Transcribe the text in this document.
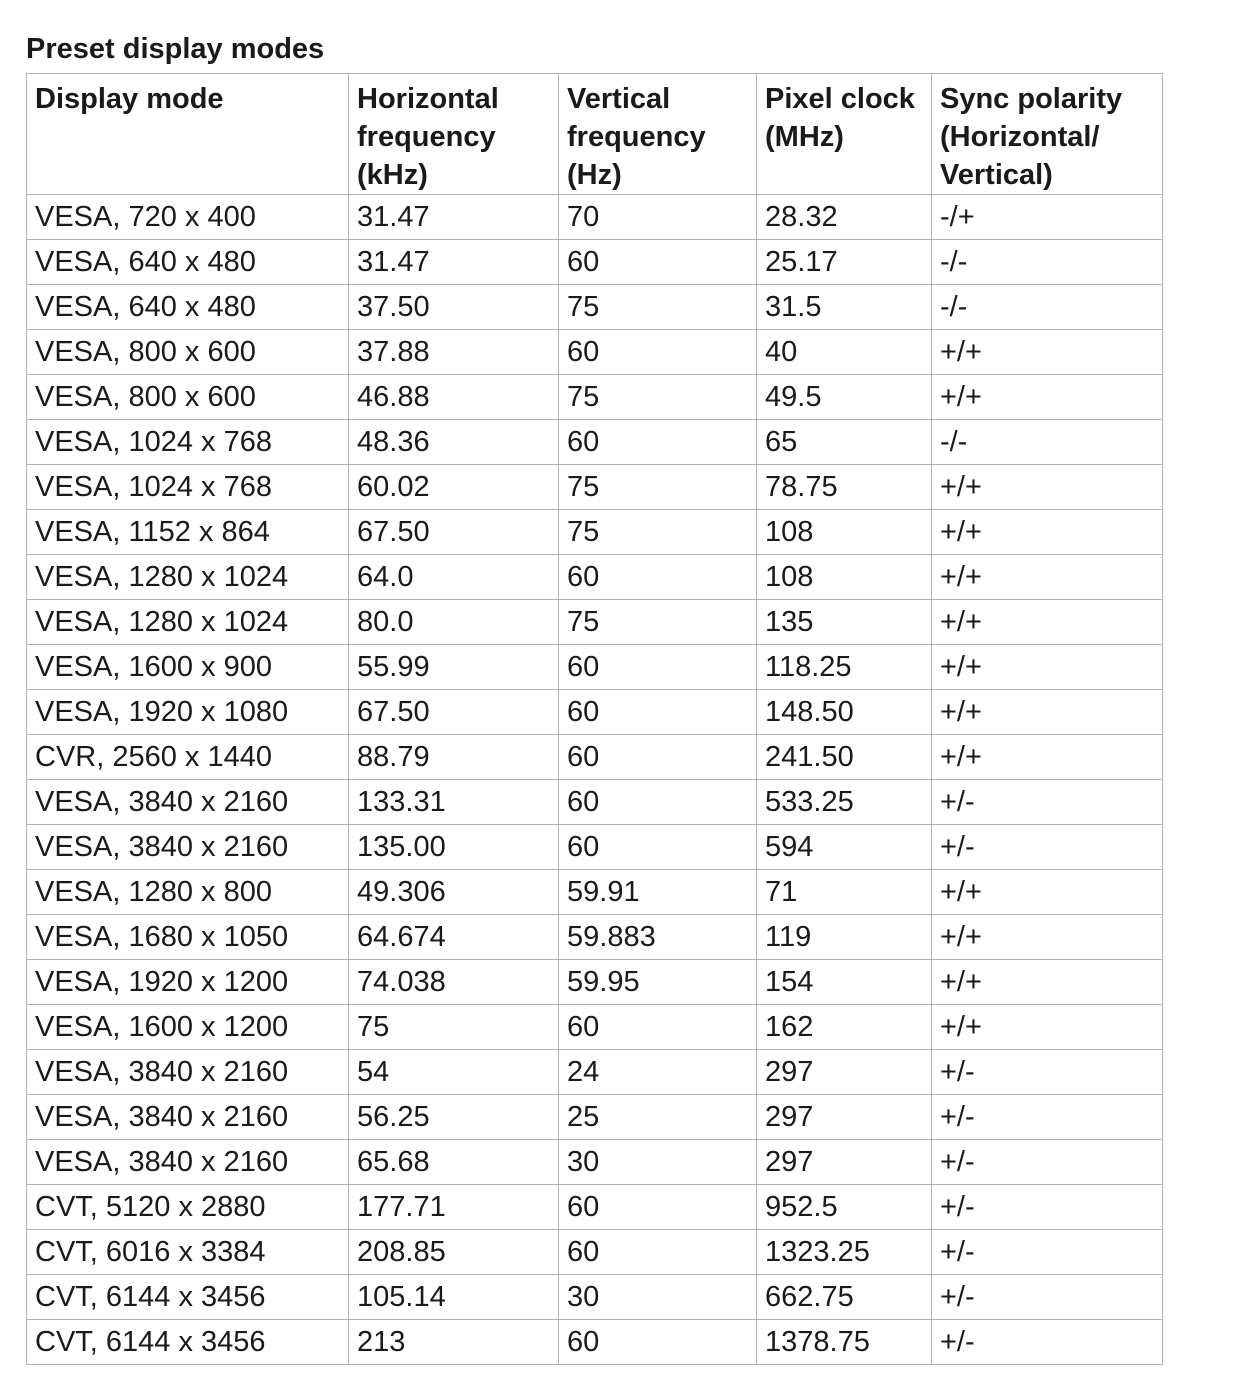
Preset display modes
Display mode	Horizontal frequency (kHz)	Vertical frequency (Hz)	Pixel clock (MHz)	Sync polarity (Horizontal/ Vertical)
VESA, 720 x 400	31.47	70	28.32	-/+
VESA, 640 x 480	31.47	60	25.17	-/-
VESA, 640 x 480	37.50	75	31.5	-/-
VESA, 800 x 600	37.88	60	40	+/+
VESA, 800 x 600	46.88	75	49.5	+/+
VESA, 1024 x 768	48.36	60	65	-/-
VESA, 1024 x 768	60.02	75	78.75	+/+
VESA, 1152 x 864	67.50	75	108	+/+
VESA, 1280 x 1024	64.0	60	108	+/+
VESA, 1280 x 1024	80.0	75	135	+/+
VESA, 1600 x 900	55.99	60	118.25	+/+
VESA, 1920 x 1080	67.50	60	148.50	+/+
CVR, 2560 x 1440	88.79	60	241.50	+/+
VESA, 3840 x 2160	133.31	60	533.25	+/-
VESA, 3840 x 2160	135.00	60	594	+/-
VESA, 1280 x 800	49.306	59.91	71	+/+
VESA, 1680 x 1050	64.674	59.883	119	+/+
VESA, 1920 x 1200	74.038	59.95	154	+/+
VESA, 1600 x 1200	75	60	162	+/+
VESA, 3840 x 2160	54	24	297	+/-
VESA, 3840 x 2160	56.25	25	297	+/-
VESA, 3840 x 2160	65.68	30	297	+/-
CVT, 5120 x 2880	177.71	60	952.5	+/-
CVT, 6016 x 3384	208.85	60	1323.25	+/-
CVT, 6144 x 3456	105.14	30	662.75	+/-
CVT, 6144 x 3456	213	60	1378.75	+/-
